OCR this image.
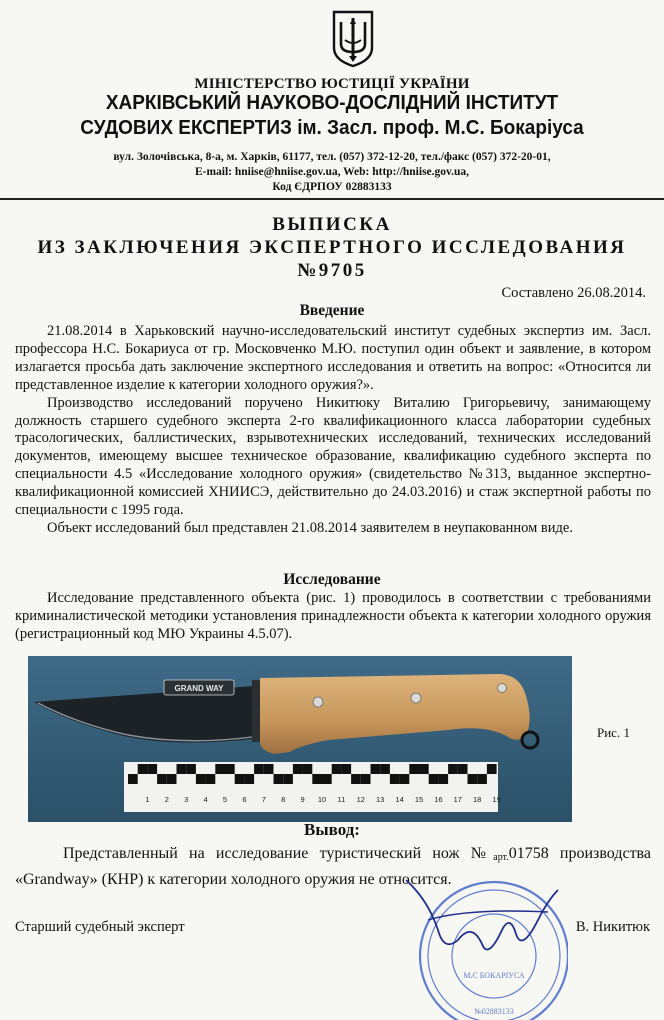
МІНІСТЕРСТВО ЮСТИЦІЇ УКРАЇНИ
ХАРКІВСЬКИЙ НАУКОВО-ДОСЛІДНИЙ ІНСТИТУТ
СУДОВИХ ЕКСПЕРТИЗ ім. Засл. проф. М.С. Бокаріуса
вул. Золочівська, 8-а, м. Харків, 61177, тел. (057) 372-12-20, тел./факс (057) 372-20-01,
E-mail: hniise@hniise.gov.ua, Web: http://hniise.gov.ua,
Код ЄДРПОУ 02883133
ВЫПИСКА
ИЗ ЗАКЛЮЧЕНИЯ ЭКСПЕРТНОГО ИССЛЕДОВАНИЯ
№9705
Составлено 26.08.2014.
Введение

21.08.2014 в Харьковский научно-исследовательский институт судебных экспертиз им. Засл. профессора Н.С. Бокариуса от гр. Московченко М.Ю. поступил один объект и заявление, в котором излагается просьба дать заключение экспертного исследования и ответить на вопрос: «Относится ли представленное изделие к категории холодного оружия?».

Производство исследований поручено Никитюку Виталию Григорьевичу, занимающему должность старшего судебного эксперта 2-го квалификационного класса лаборатории судебных трасологических, баллистических, взрывотехнических исследований, технических исследований документов, имеющему высшее техническое образование, квалификацию судебного эксперта по специальности 4.5 «Исследование холодного оружия» (свидетельство №313, выданное экспертно-квалификационной комиссией ХНИИСЭ, действительно до 24.03.2016) и стаж экспертной работы по специальности с 1995 года.

Объект исследований был представлен 21.08.2014 заявителем в неупакованном виде.

Исследование

Исследование представленного объекта (рис. 1) проводилось в соответствии с требованиями криминалистической методики установления принадлежности объекта к категории холодного оружия (регистрационный код МЮ Украины 4.5.07).

GRAND WAY
1 2 3 4 5 6 7 8 9 10 11 12 13 14 15 16 17 18 19
Рис. 1
Вывод:

Представленный на исследование туристический нож $№_{арт.}01758$ производства «Grandway» (КНР) к категории холодного оружия не относится.

Старший судебный эксперт	В. Никитюк
М.С БОКАРІУСА
№02883133
